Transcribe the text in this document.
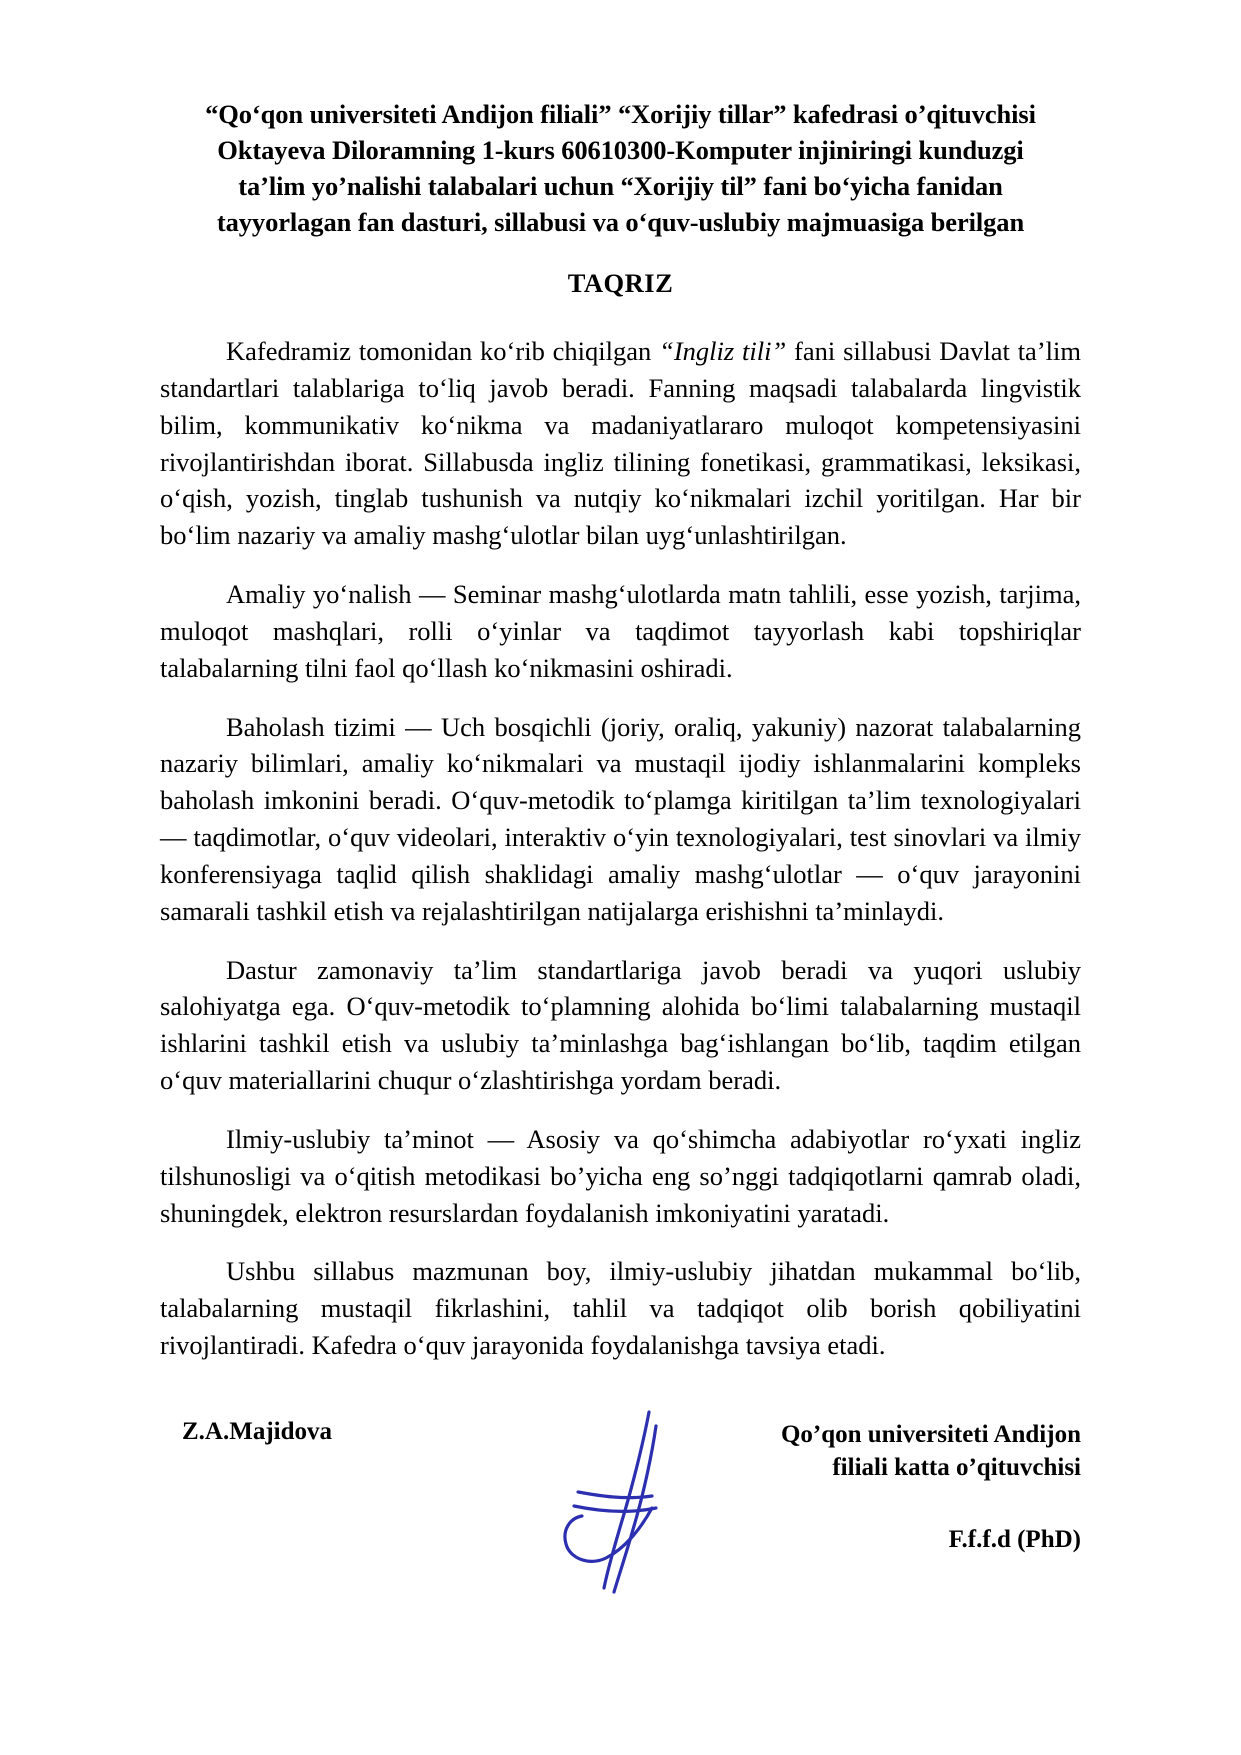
“Qo‘qon universiteti Andijon filiali” “Xorijiy tillar” kafedrasi o’qituvchisi
Oktayeva Diloramning 1-kurs 60610300-Komputer injiniringi kunduzgi
ta’lim yo’nalishi talabalari uchun “Xorijiy til” fani bo‘yicha fanidan
tayyorlagan fan dasturi, sillabusi va o‘quv-uslubiy majmuasiga berilgan
TAQRIZ

Kafedramiz tomonidan ko‘rib chiqilgan “Ingliz tili” fani sillabusi Davlat ta’lim standartlari talablariga to‘liq javob beradi. Fanning maqsadi talabalarda lingvistik bilim, kommunikativ ko‘nikma va madaniyatlararo muloqot kompetensiyasini rivojlantirishdan iborat. Sillabusda ingliz tilining fonetikasi, grammatikasi, leksikasi, o‘qish, yozish, tinglab tushunish va nutqiy ko‘nikmalari izchil yoritilgan. Har bir bo‘lim nazariy va amaliy mashg‘ulotlar bilan uyg‘unlashtirilgan.

Amaliy yo‘nalish — Seminar mashg‘ulotlarda matn tahlili, esse yozish, tarjima, muloqot mashqlari, rolli o‘yinlar va taqdimot tayyorlash kabi topshiriqlar talabalarning tilni faol qo‘llash ko‘nikmasini oshiradi.

Baholash tizimi — Uch bosqichli (joriy, oraliq, yakuniy) nazorat talabalarning nazariy bilimlari, amaliy ko‘nikmalari va mustaqil ijodiy ishlanmalarini kompleks baholash imkonini beradi. O‘quv-metodik to‘plamga kiritilgan ta’lim texnologiyalari — taqdimotlar, o‘quv videolari, interaktiv o‘yin texnologiyalari, test sinovlari va ilmiy konferensiyaga taqlid qilish shaklidagi amaliy mashg‘ulotlar — o‘quv jarayonini samarali tashkil etish va rejalashtirilgan natijalarga erishishni ta’minlaydi.

Dastur zamonaviy ta’lim standartlariga javob beradi va yuqori uslubiy salohiyatga ega. O‘quv-metodik to‘plamning alohida bo‘limi talabalarning mustaqil ishlarini tashkil etish va uslubiy ta’minlashga bag‘ishlangan bo‘lib, taqdim etilgan o‘quv materiallarini chuqur o‘zlashtirishga yordam beradi.

Ilmiy-uslubiy ta’minot — Asosiy va qo‘shimcha adabiyotlar ro‘yxati ingliz tilshunosligi va o‘qitish metodikasi bo’yicha eng so’nggi tadqiqotlarni qamrab oladi, shuningdek, elektron resurslardan foydalanish imkoniyatini yaratadi.

Ushbu sillabus mazmunan boy, ilmiy-uslubiy jihatdan mukammal bo‘lib, talabalarning mustaqil fikrlashini, tahlil va tadqiqot olib borish qobiliyatini rivojlantiradi. Kafedra o‘quv jarayonida foydalanishga tavsiya etadi.

Z.A.Majidova	Qo’qon universiteti Andijon
filiali katta o’qituvchisi
F.f.f.d (PhD)
